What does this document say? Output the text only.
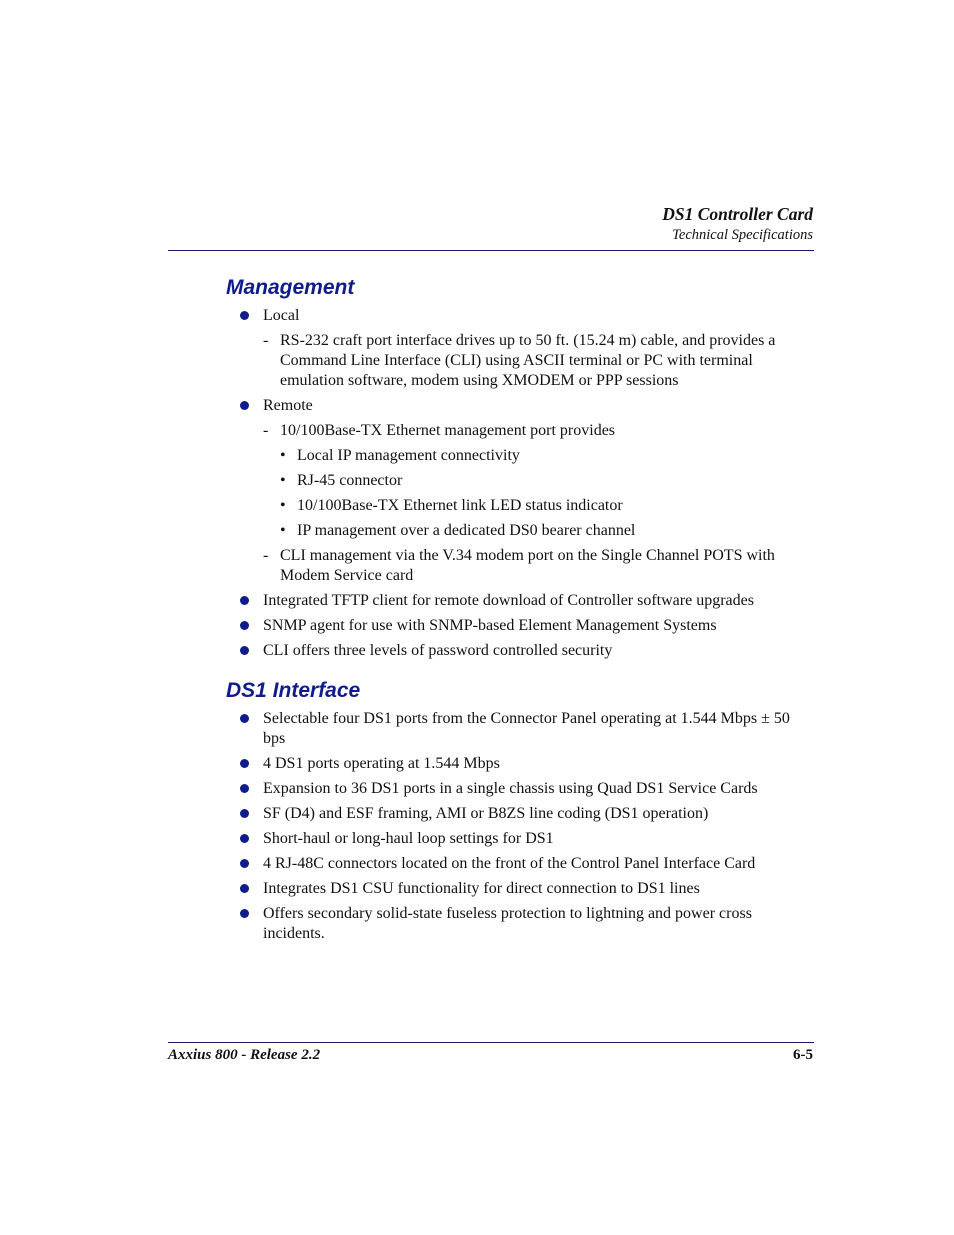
DS1 Controller Card
Technical Specifications
Management
Local
- RS-232 craft port interface drives up to 50 ft. (15.24 m) cable, and provides a Command Line Interface (CLI) using ASCII terminal or PC with terminal emulation software, modem using XMODEM or PPP sessions
Remote
- 10/100Base-TX Ethernet management port provides
• Local IP management connectivity
• RJ-45 connector
• 10/100Base-TX Ethernet link LED status indicator
• IP management over a dedicated DS0 bearer channel
- CLI management via the V.34 modem port on the Single Channel POTS with Modem Service card
Integrated TFTP client for remote download of Controller software upgrades
SNMP agent for use with SNMP-based Element Management Systems
CLI offers three levels of password controlled security
DS1 Interface
Selectable four DS1 ports from the Connector Panel operating at 1.544 Mbps ± 50 bps
4 DS1 ports operating at 1.544 Mbps
Expansion to 36 DS1 ports in a single chassis using Quad DS1 Service Cards
SF (D4) and ESF framing, AMI or B8ZS line coding (DS1 operation)
Short-haul or long-haul loop settings for DS1
4 RJ-48C connectors located on the front of the Control Panel Interface Card
Integrates DS1 CSU functionality for direct connection to DS1 lines
Offers secondary solid-state fuseless protection to lightning and power cross incidents.
Axxius 800 - Release 2.2	6-5
